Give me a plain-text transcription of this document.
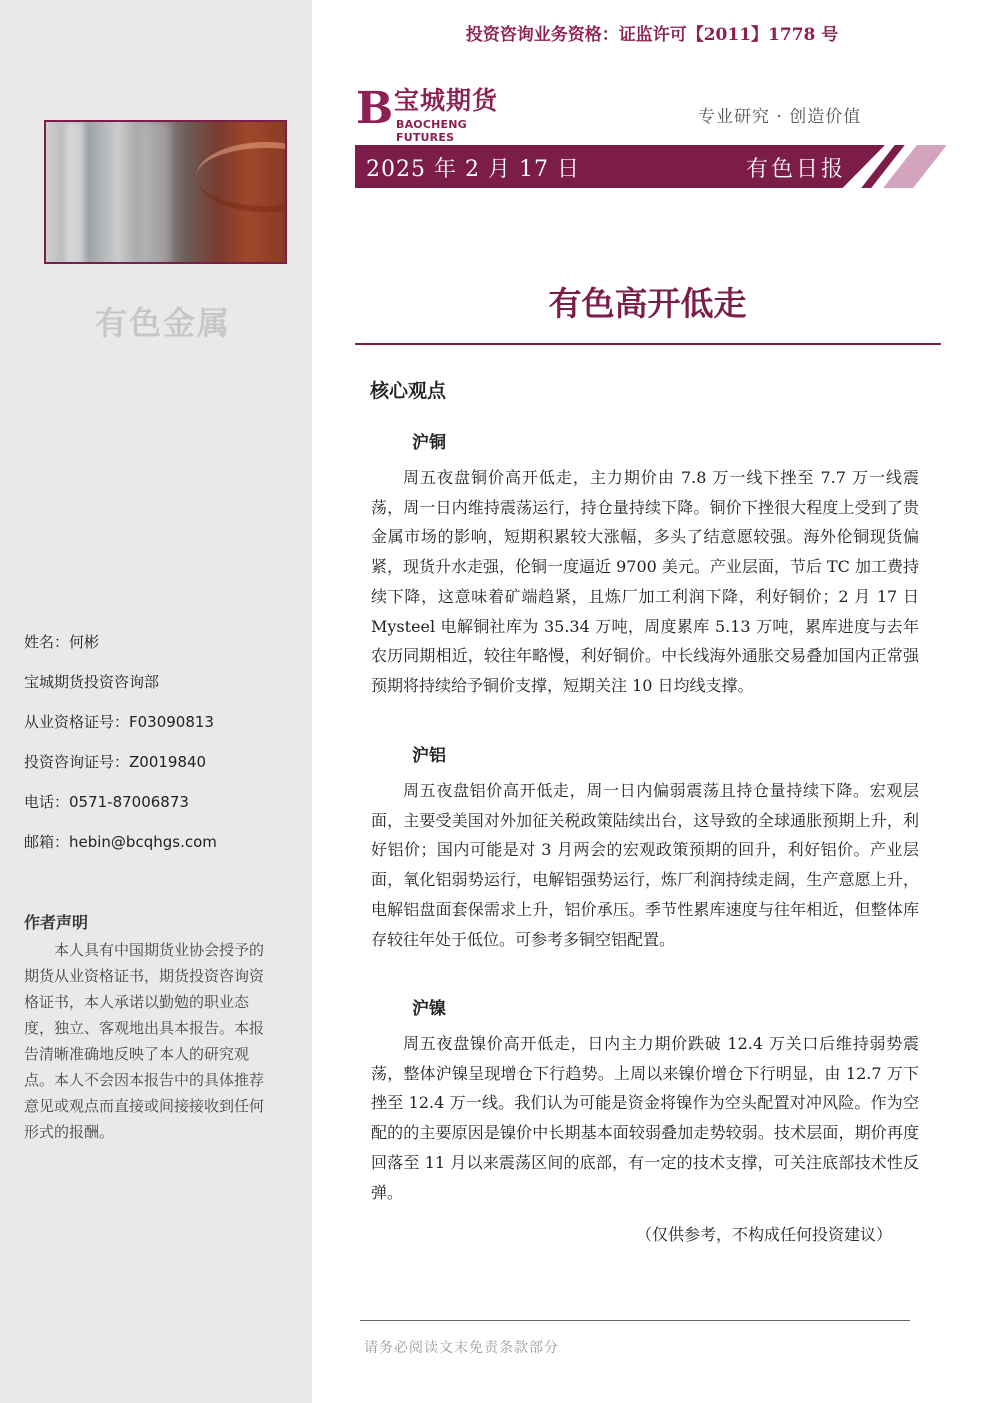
有色金属
姓名：何彬
宝城期货投资咨询部
从业资格证号：F03090813
投资咨询证号：Z0019840
电话：0571-87006873
邮箱：hebin@bcqhgs.com
作者声明
本人具有中国期货业协会授予的期货从业资格证书，期货投资咨询资格证书，本人承诺以勤勉的职业态度，独立、客观地出具本报告。本报告清晰准确地反映了本人的研究观点。本人不会因本报告中的具体推荐意见或观点而直接或间接接收到任何形式的报酬。
投资咨询业务资格：证监许可【2011】1778 号
B 宝城期货
BAOCHENG FUTURES
专业研究 · 创造价值
2025 年 2 月 17 日	有色日报
有色高开低走
核心观点
沪铜
周五夜盘铜价高开低走，主力期价由 7.8 万一线下挫至 7.7 万一线震荡，周一日内维持震荡运行，持仓量持续下降。铜价下挫很大程度上受到了贵金属市场的影响，短期积累较大涨幅，多头了结意愿较强。海外伦铜现货偏紧，现货升水走强，伦铜一度逼近 9700 美元。产业层面，节后 TC 加工费持续下降，这意味着矿端趋紧，且炼厂加工利润下降，利好铜价；2 月 17 日Mysteel 电解铜社库为 35.34 万吨，周度累库 5.13 万吨，累库进度与去年农历同期相近，较往年略慢，利好铜价。中长线海外通胀交易叠加国内正常强预期将持续给予铜价支撑，短期关注 10 日均线支撑。
沪铝
周五夜盘铝价高开低走，周一日内偏弱震荡且持仓量持续下降。宏观层面，主要受美国对外加征关税政策陆续出台，这导致的全球通胀预期上升，利好铝价；国内可能是对 3 月两会的宏观政策预期的回升，利好铝价。产业层面，氧化铝弱势运行，电解铝强势运行，炼厂利润持续走阔，生产意愿上升，电解铝盘面套保需求上升，铝价承压。季节性累库速度与往年相近，但整体库存较往年处于低位。可参考多铜空铝配置。
沪镍
周五夜盘镍价高开低走，日内主力期价跌破 12.4 万关口后维持弱势震荡，整体沪镍呈现增仓下行趋势。上周以来镍价增仓下行明显，由 12.7 万下挫至 12.4 万一线。我们认为可能是资金将镍作为空头配置对冲风险。作为空配的的主要原因是镍价中长期基本面较弱叠加走势较弱。技术层面，期价再度回落至 11 月以来震荡区间的底部，有一定的技术支撑，可关注底部技术性反弹。
（仅供参考，不构成任何投资建议）
请务必阅读文末免责条款部分
